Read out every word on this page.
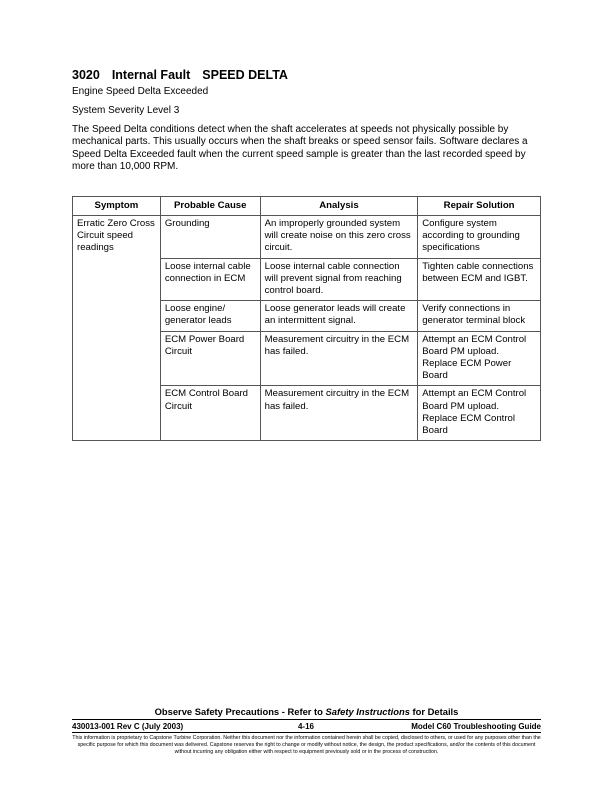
3020 Internal Fault SPEED DELTA
Engine Speed Delta Exceeded
System Severity Level 3
The Speed Delta conditions detect when the shaft accelerates at speeds not physically possible by mechanical parts. This usually occurs when the shaft breaks or speed sensor fails. Software declares a Speed Delta Exceeded fault when the current speed sample is greater than the last recorded speed by more than 10,000 RPM.
Symptom	Probable Cause	Analysis	Repair Solution
Erratic Zero Cross Circuit speed readings	Grounding	An improperly grounded system will create noise on this zero cross circuit.	Configure system according to grounding specifications
	Loose internal cable connection in ECM	Loose internal cable connection will prevent signal from reaching control board.	Tighten cable connections between ECM and IGBT.
	Loose engine/ generator leads	Loose generator leads will create an intermittent signal.	Verify connections in generator terminal block
	ECM Power Board Circuit	Measurement circuitry in the ECM has failed.	Attempt an ECM Control Board PM upload. Replace ECM Power Board
	ECM Control Board Circuit	Measurement circuitry in the ECM has failed.	Attempt an ECM Control Board PM upload. Replace ECM Control Board
Observe Safety Precautions - Refer to Safety Instructions for Details
430013-001 Rev C (July 2003)	4-16	Model C60 Troubleshooting Guide
This information is proprietary to Capstone Turbine Corporation. Neither this document nor the information contained herein shall be copied, disclosed to others, or used for any purposes other than the specific purpose for which this document was delivered. Capstone reserves the right to change or modify without notice, the design, the product specifications, and/or the contents of this document without incurring any obligation either with respect to equipment previously sold or in the process of construction.
